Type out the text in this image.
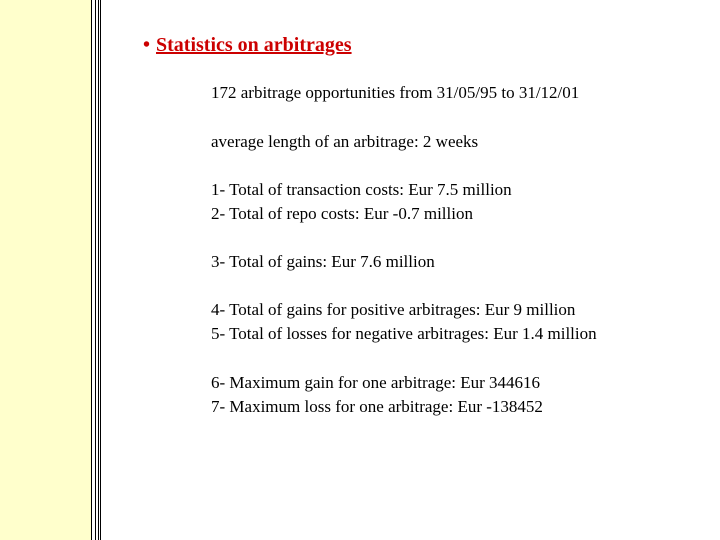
• Statistics on arbitrages
172 arbitrage opportunities from 31/05/95 to 31/12/01
average length of an arbitrage: 2 weeks
1- Total of transaction costs: Eur 7.5 million
2- Total of repo costs: Eur -0.7 million
3- Total of gains: Eur 7.6 million
4- Total of gains for positive arbitrages: Eur 9 million
5- Total of losses for negative arbitrages: Eur 1.4 million
6- Maximum gain for one arbitrage: Eur 344616
7- Maximum loss for one arbitrage: Eur -138452
